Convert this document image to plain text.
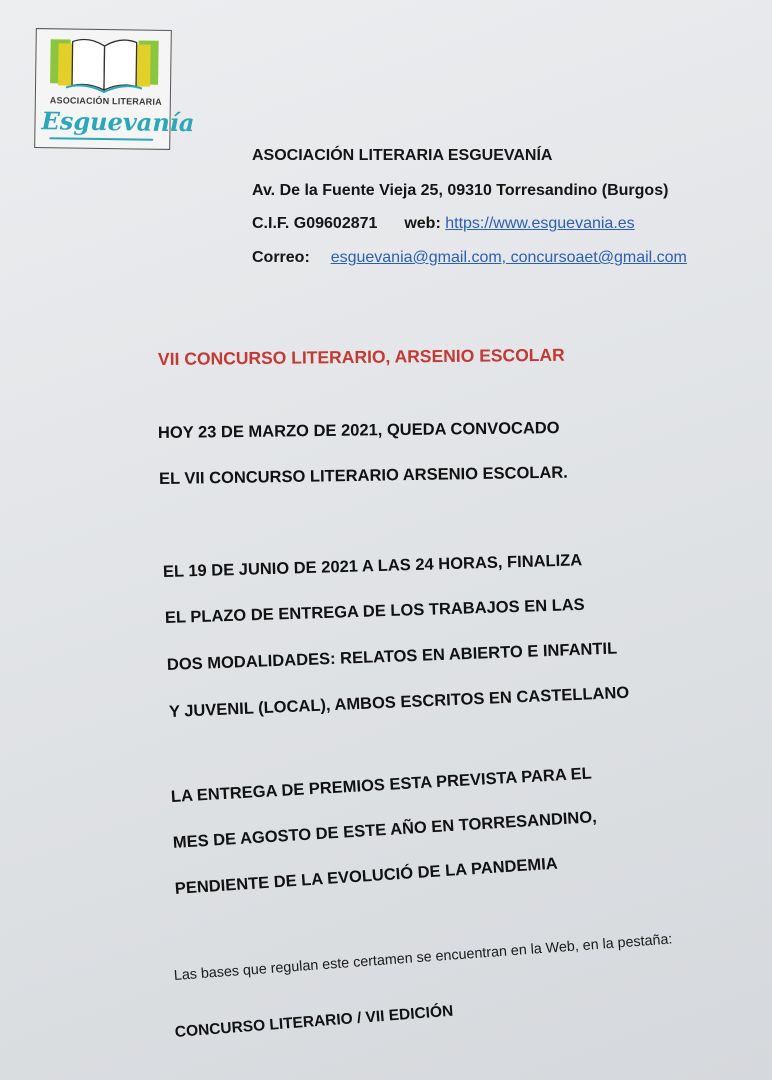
ASOCIACIÓN LITERARIA
Esguevanía
ASOCIACIÓN LITERARIA ESGUEVANÍA
Av. De la Fuente Vieja 25, 09310 Torresandino (Burgos)
C.I.F. G09602871 web: https://www.esguevania.es
Correo: esguevania@gmail.com, concursoaet@gmail.com
VII CONCURSO LITERARIO, ARSENIO ESCOLAR
HOY 23 DE MARZO DE 2021, QUEDA CONVOCADO
EL VII CONCURSO LITERARIO ARSENIO ESCOLAR.
EL 19 DE JUNIO DE 2021 A LAS 24 HORAS, FINALIZA
EL PLAZO DE ENTREGA DE LOS TRABAJOS EN LAS
DOS MODALIDADES: RELATOS EN ABIERTO E INFANTIL
Y JUVENIL (LOCAL), AMBOS ESCRITOS EN CASTELLANO
LA ENTREGA DE PREMIOS ESTA PREVISTA PARA EL
MES DE AGOSTO DE ESTE AÑO EN TORRESANDINO,
PENDIENTE DE LA EVOLUCIÓ DE LA PANDEMIA
Las bases que regulan este certamen se encuentran en la Web, en la pestaña:
CONCURSO LITERARIO / VII EDICIÓN
